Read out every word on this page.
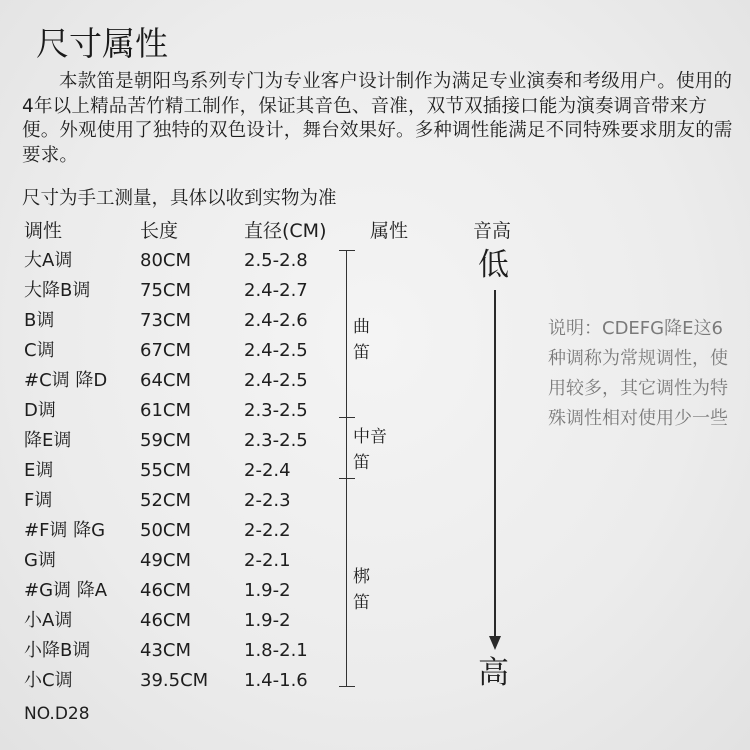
尺寸属性
本款笛是朝阳鸟系列专门为专业客户设计制作为满足专业演奏和考级用户。使用的4年以上精品苦竹精工制作，保证其音色、音准，双节双插接口能为演奏调音带来方便。外观使用了独特的双色设计，舞台效果好。多种调性能满足不同特殊要求朋友的需要求。
尺寸为手工测量，具体以收到实物为准
调性	长度	直径(CM) 属性	音高
大A调	80CM	2.5-2.8
大降B调	75CM	2.4-2.7
B调	73CM	2.4-2.6
C调	67CM	2.4-2.5
#C调 降D 64CM	2.4-2.5
D调	61CM	2.3-2.5
降E调	59CM	2.3-2.5
E调	55CM	2-2.4
F调	52CM	2-2.3
#F调 降G 50CM	2-2.2
G调	49CM	2-2.1
#G调 降A 46CM	1.9-2
小A调	46CM	1.9-2
小降B调	43CM	1.8-2.1
小C调	39.5CM 1.4-1.6
曲笛
中音笛
梆笛
低
高
说明：CDEFG降E这6种调称为常规调性，使用较多，其它调性为特殊调性相对使用少一些
NO.D28
